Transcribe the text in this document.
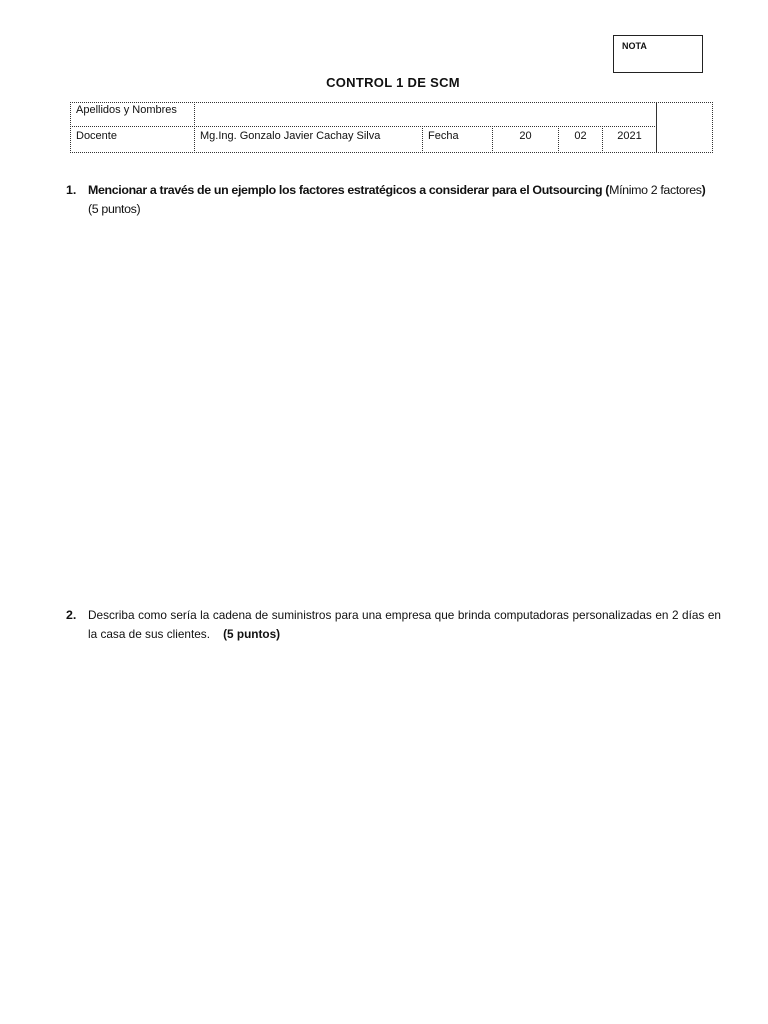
NOTA
CONTROL 1 DE SCM
Apellidos y Nombres
Docente	Mg.Ing. Gonzalo Javier Cachay Silva	Fecha	20	02	2021
1. Mencionar a través de un ejemplo los factores estratégicos a considerar para el Outsourcing (Mínimo 2 factores)
(5 puntos)
2. Describa como sería la cadena de suministros para una empresa que brinda computadoras personalizadas en 2 días en la casa de sus clientes. (5 puntos)
